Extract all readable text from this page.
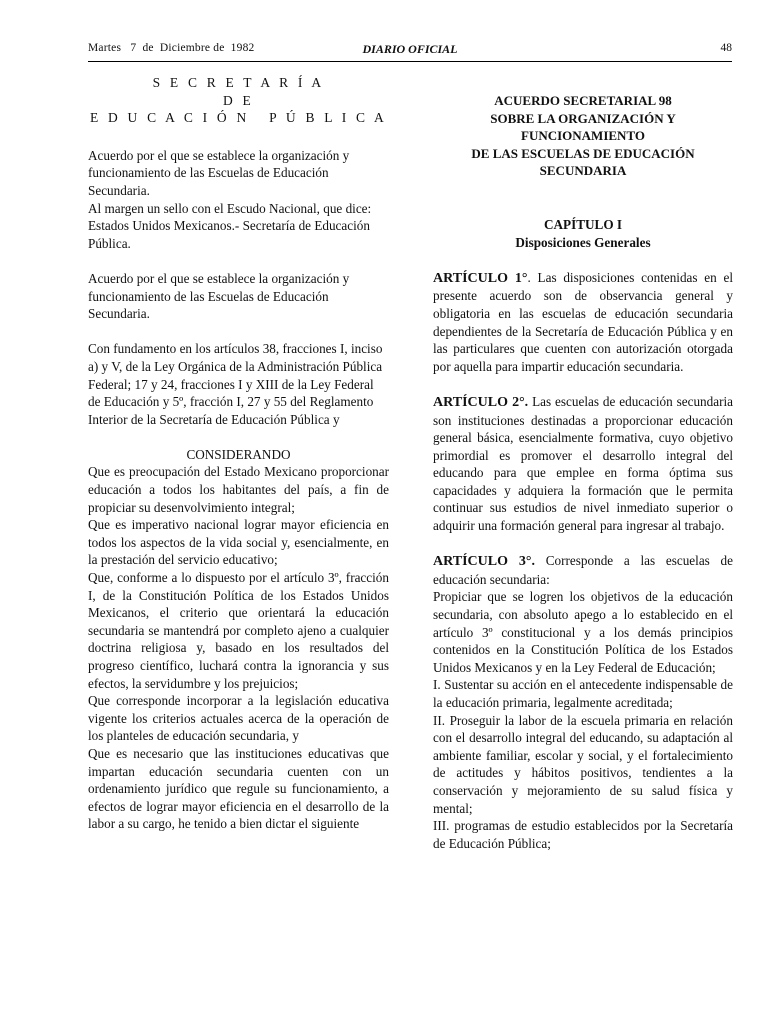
Martes   7  de  Diciembre de  1982	DIARIO OFICIAL	48

S E C R E T A R Í A

D E

E D U C A C I Ó N   P Ú B L I C A

Acuerdo por el que se establece la organización y funcionamiento de las Escuelas de Educación Secundaria.

Al margen un sello con el Escudo Nacional, que dice: Estados Unidos Mexicanos.- Secretaría de Educación Pública.

Acuerdo por el que se establece la organización y funcionamiento de las Escuelas de Educación Secundaria.

Con fundamento en los artículos 38, fracciones I, inciso a) y V, de la Ley Orgánica de la Administración Pública Federal; 17 y 24, fracciones I y XIII de la Ley Federal de Educación y 5º, fracción I, 27 y 55 del Reglamento Interior de la Secretaría de Educación Pública y

CONSIDERANDO

Que es preocupación del Estado Mexicano proporcionar educación a todos los habitantes del país, a fin de propiciar su desenvolvimiento integral;

Que es imperativo nacional lograr mayor eficiencia en todos los aspectos de la vida social y, esencialmente, en la prestación del servicio educativo;

Que, conforme a lo dispuesto por el artículo 3º, fracción I, de la Constitución Política de los Estados Unidos Mexicanos, el criterio que orientará la educación secundaria se mantendrá por completo ajeno a cualquier doctrina religiosa y, basado en los resultados del progreso científico, luchará contra la ignorancia y sus efectos, la servidumbre y los prejuicios;

Que corresponde incorporar a la legislación educativa vigente los criterios actuales acerca de la operación de los planteles de educación secundaria, y

Que es necesario que las instituciones educativas que impartan educación secundaria cuenten con un ordenamiento jurídico que regule su funcionamiento, a efectos de lograr mayor eficiencia en el desarrollo de la labor a su cargo, he tenido a bien dictar el siguiente

ACUERDO SECRETARIAL 98

SOBRE LA ORGANIZACIÓN Y

FUNCIONAMIENTO

DE LAS ESCUELAS DE EDUCACIÓN

SECUNDARIA

CAPÍTULO I

Disposiciones Generales

ARTÍCULO 1°. Las disposiciones contenidas en el presente acuerdo son de observancia general y obligatoria en las escuelas de educación secundaria dependientes de la Secretaría de Educación Pública y en las particulares que cuenten con autorización otorgada por aquella para impartir educación secundaria.

ARTÍCULO 2°. Las escuelas de educación secundaria son instituciones destinadas a proporcionar educación general básica, esencialmente formativa, cuyo objetivo primordial es promover el desarrollo integral del educando para que emplee en forma óptima sus capacidades y adquiera la formación que le permita continuar sus estudios de nivel inmediato superior o adquirir una formación general para ingresar al trabajo.

ARTÍCULO 3°. Corresponde a las escuelas de educación secundaria:

Propiciar que se logren los objetivos de la educación secundaria, con absoluto apego a lo establecido en el artículo 3º constitucional y a los demás principios contenidos en la Constitución Política de los Estados Unidos Mexicanos y en la Ley Federal de Educación;

I. Sustentar su acción en el antecedente indispensable de la educación primaria, legalmente acreditada;

II. Proseguir la labor de la escuela primaria en relación con el desarrollo integral del educando, su adaptación al ambiente familiar, escolar y social, y el fortalecimiento de actitudes y hábitos positivos, tendientes a la conservación y mejoramiento de su salud física y mental;

III. programas de estudio establecidos por la Secretaría de Educación Pública;
